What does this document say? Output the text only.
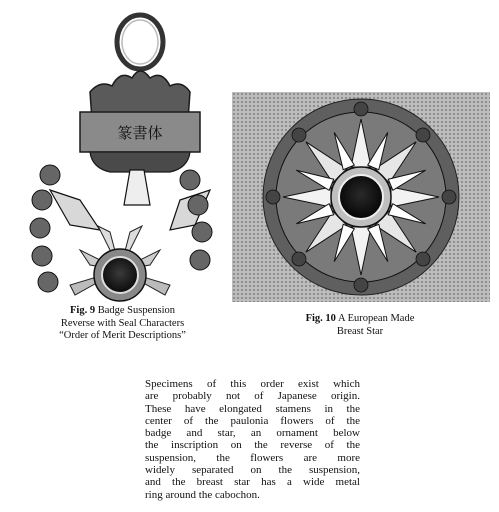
篆書体
Fig. 9 Badge Suspension
Reverse with Seal Characters
“Order of Merit Descriptions”
Fig. 10 A European Made
Breast Star
Specimens of this order exist which
are probably not of Japanese origin.
These have elongated stamens in the
center of the paulonia flowers of the
badge and star, an ornament below
the inscription on the reverse of the
suspension, the flowers are more
widely separated on the suspension,
and the breast star has a wide metal
ring around the cabochon.
